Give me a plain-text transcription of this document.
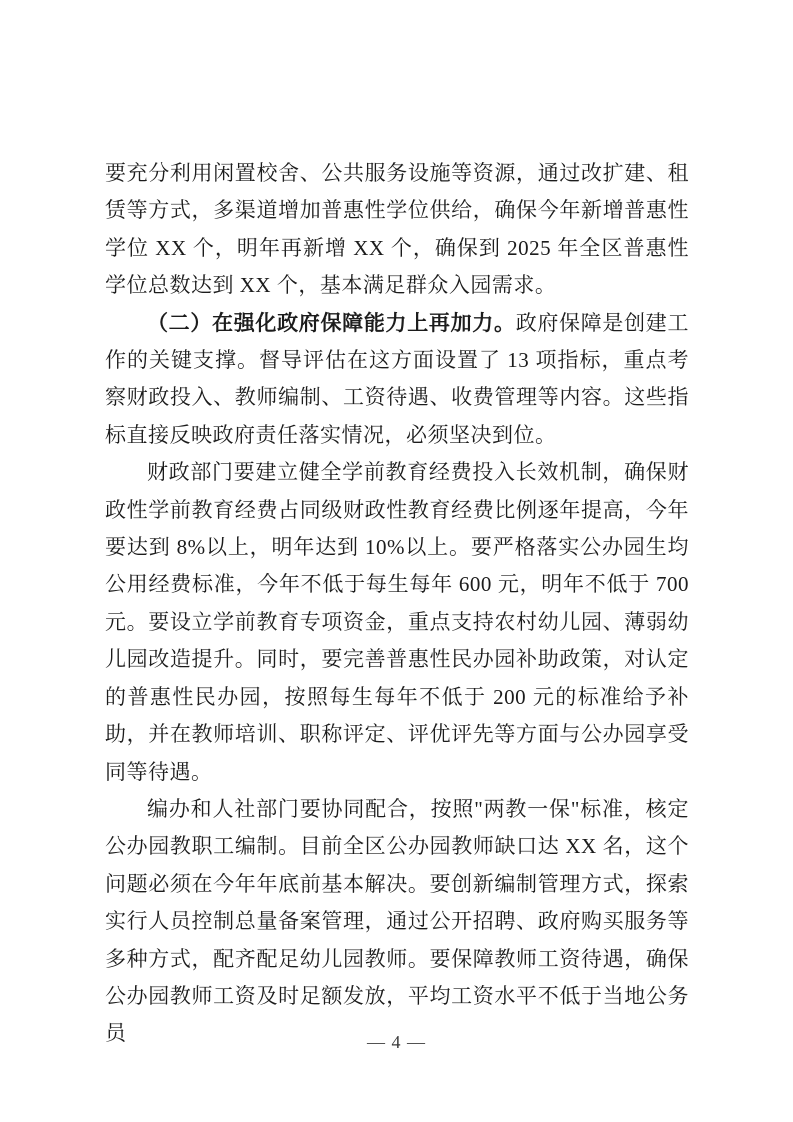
要充分利用闲置校舍、公共服务设施等资源，通过改扩建、租赁等方式，多渠道增加普惠性学位供给，确保今年新增普惠性学位 XX 个，明年再新增 XX 个，确保到 2025 年全区普惠性学位总数达到 XX 个，基本满足群众入园需求。

（二）在强化政府保障能力上再加力。政府保障是创建工作的关键支撑。督导评估在这方面设置了 13 项指标，重点考察财政投入、教师编制、工资待遇、收费管理等内容。这些指标直接反映政府责任落实情况，必须坚决到位。

财政部门要建立健全学前教育经费投入长效机制，确保财政性学前教育经费占同级财政性教育经费比例逐年提高，今年要达到 8%以上，明年达到 10%以上。要严格落实公办园生均公用经费标准，今年不低于每生每年 600 元，明年不低于 700 元。要设立学前教育专项资金，重点支持农村幼儿园、薄弱幼儿园改造提升。同时，要完善普惠性民办园补助政策，对认定的普惠性民办园，按照每生每年不低于 200 元的标准给予补助，并在教师培训、职称评定、评优评先等方面与公办园享受同等待遇。

编办和人社部门要协同配合，按照"两教一保"标准，核定公办园教职工编制。目前全区公办园教师缺口达 XX 名，这个问题必须在今年年底前基本解决。要创新编制管理方式，探索实行人员控制总量备案管理，通过公开招聘、政府购买服务等多种方式，配齐配足幼儿园教师。要保障教师工资待遇，确保公办园教师工资及时足额发放，平均工资水平不低于当地公务员	— 4 —
